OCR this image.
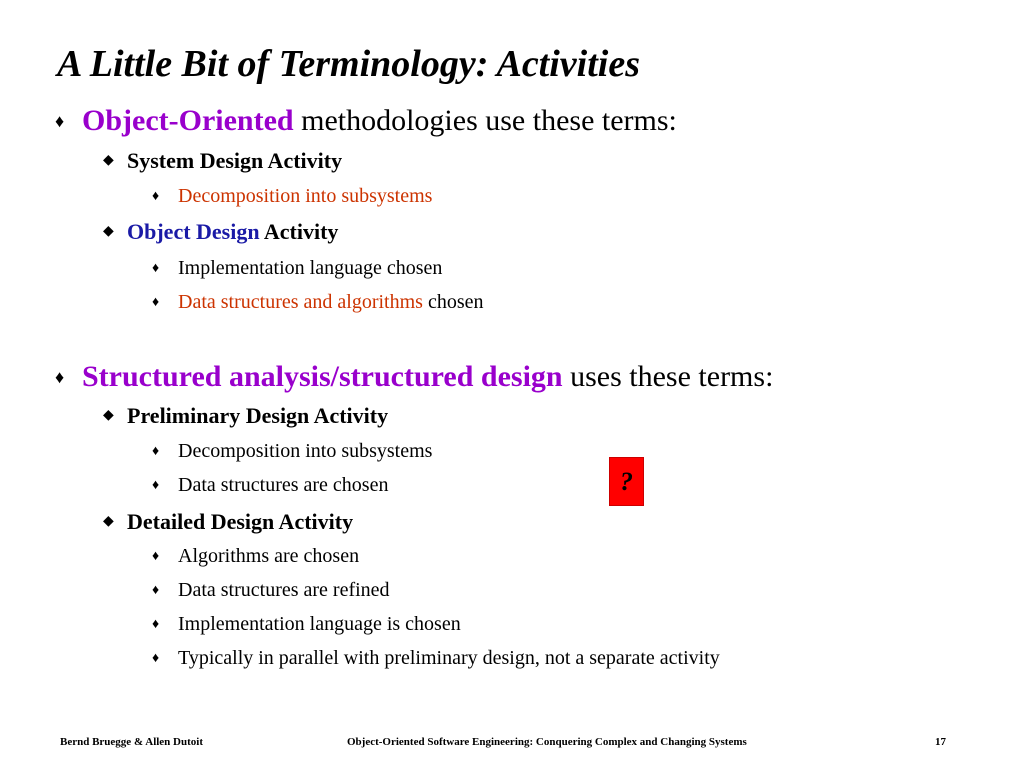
A Little Bit of Terminology: Activities
♦ Object-Oriented methodologies use these terms:
◆ System Design Activity
♦ Decomposition into subsystems
◆ Object Design Activity
♦ Implementation language chosen
♦ Data structures and algorithms chosen
♦ Structured analysis/structured design uses these terms:
◆ Preliminary Design Activity
♦ Decomposition into subsystems
♦ Data structures are chosen
◆ Detailed Design Activity
♦ Algorithms are chosen
♦ Data structures are refined
♦ Implementation language is chosen
♦ Typically in parallel with preliminary design, not a separate activity
?
Bernd Bruegge & Allen Dutoit	Object-Oriented Software Engineering: Conquering Complex and Changing Systems	17
